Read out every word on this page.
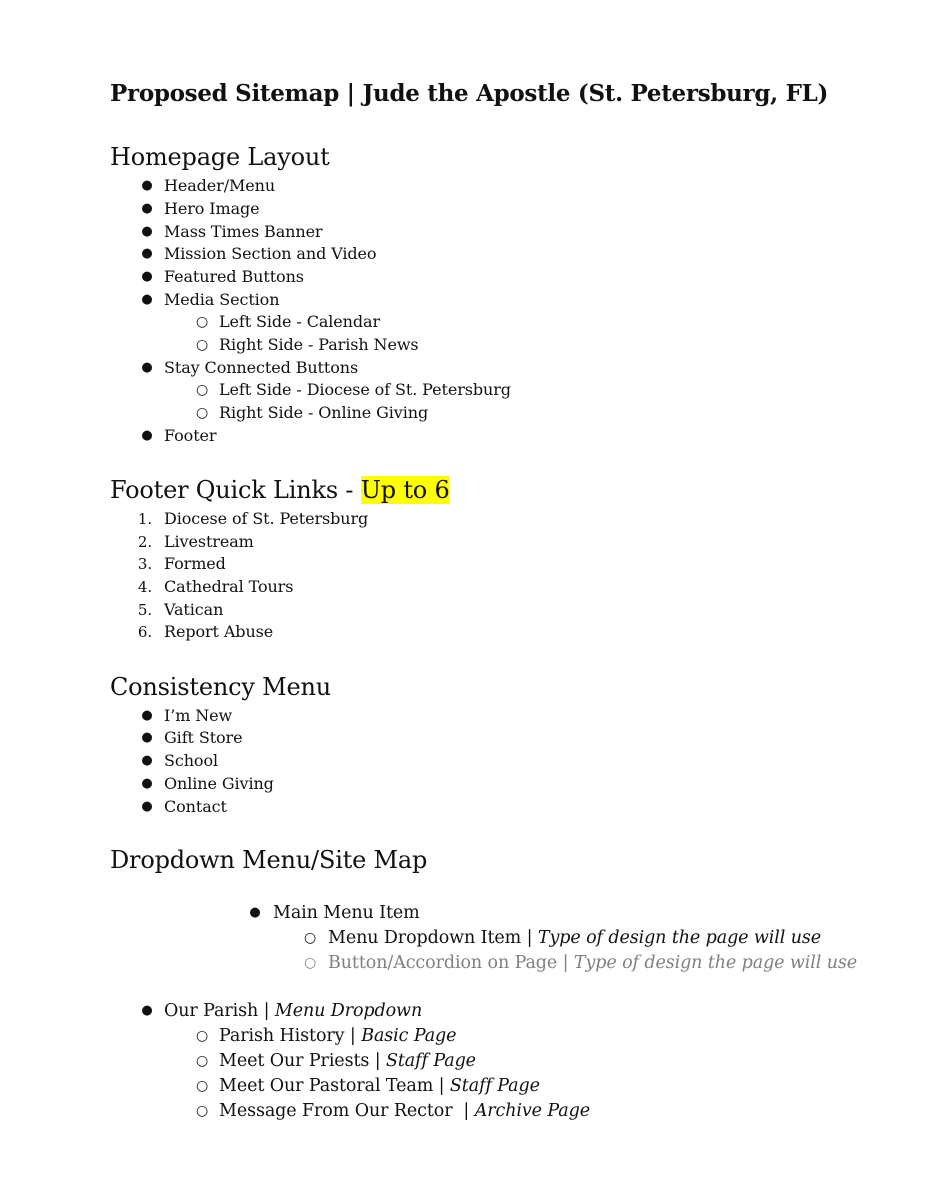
Proposed Sitemap | Jude the Apostle (St. Petersburg, FL)
Homepage Layout
● Header/Menu
● Hero Image
● Mass Times Banner
● Mission Section and Video
● Featured Buttons
● Media Section
○ Left Side - Calendar
○ Right Side - Parish News
● Stay Connected Buttons
○ Left Side - Diocese of St. Petersburg
○ Right Side - Online Giving
● Footer
Footer Quick Links - Up to 6
1. Diocese of St. Petersburg
2. Livestream
3. Formed
4. Cathedral Tours
5. Vatican
6. Report Abuse
Consistency Menu
● I’m New
● Gift Store
● School
● Online Giving
● Contact
Dropdown Menu/Site Map
● Main Menu Item
○ Menu Dropdown Item | Type of design the page will use
○ Button/Accordion on Page | Type of design the page will use
● Our Parish | Menu Dropdown
○ Parish History | Basic Page
○ Meet Our Priests | Staff Page
○ Meet Our Pastoral Team | Staff Page
○ Message From Our Rector  | Archive Page
